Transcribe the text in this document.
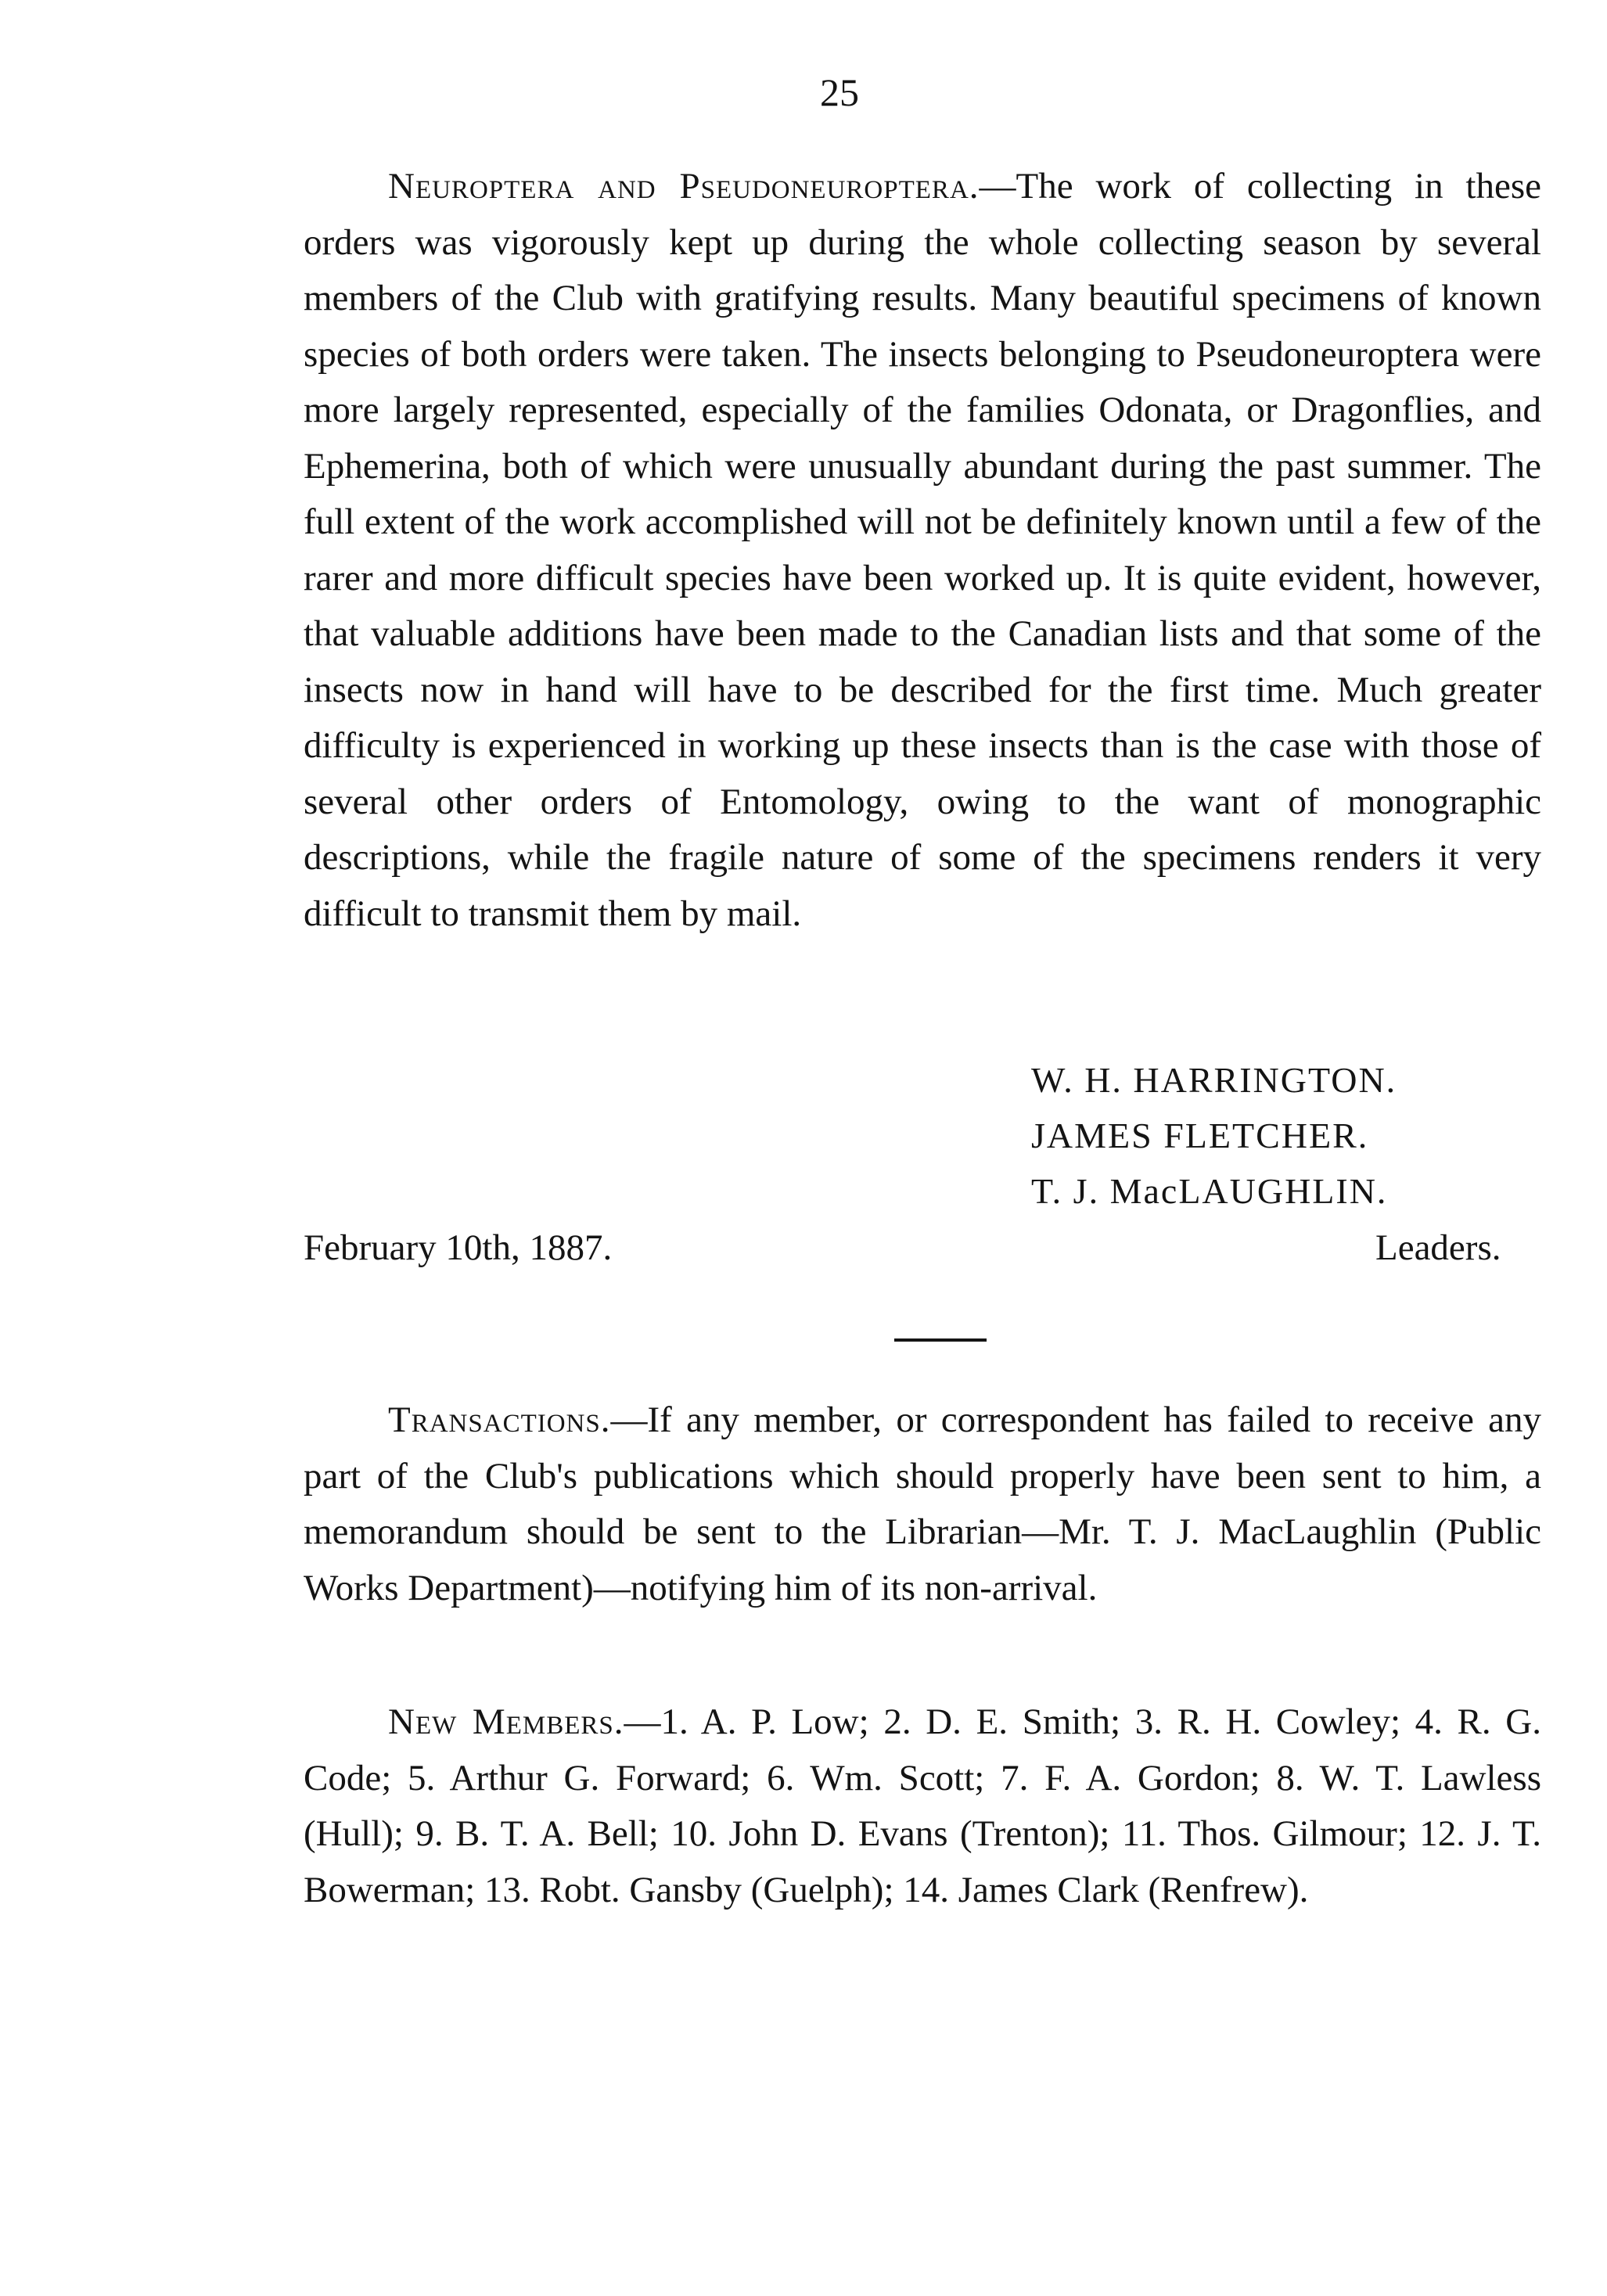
25

Neuroptera and Pseudoneuroptera.—The work of collecting in these orders was vigorously kept up during the whole collecting season by several members of the Club with gratifying results. Many beautiful specimens of known species of both orders were taken. The insects belonging to Pseudoneuroptera were more largely represented, especially of the families Odonata, or Dragonflies, and Ephemerina, both of which were unusually abundant during the past summer. The full extent of the work accomplished will not be definitely known until a few of the rarer and more difficult species have been worked up. It is quite evident, however, that valuable additions have been made to the Canadian lists and that some of the insects now in hand will have to be described for the first time. Much greater difficulty is experienced in working up these insects than is the case with those of several other orders of Entomology, owing to the want of monographic descriptions, while the fragile nature of some of the specimens renders it very difficult to transmit them by mail.

W. H. HARRINGTON.
JAMES FLETCHER.
T. J. MacLAUGHLIN.
February 10th, 1887.	Leaders.

Transactions.—If any member, or correspondent has failed to receive any part of the Club's publications which should properly have been sent to him, a memorandum should be sent to the Librarian—Mr. T. J. MacLaughlin (Public Works Department)—notifying him of its non-arrival.

New Members.—1. A. P. Low; 2. D. E. Smith; 3. R. H. Cowley; 4. R. G. Code; 5. Arthur G. Forward; 6. Wm. Scott; 7. F. A. Gordon; 8. W. T. Lawless (Hull); 9. B. T. A. Bell; 10. John D. Evans (Trenton); 11. Thos. Gilmour; 12. J. T. Bowerman; 13. Robt. Gansby (Guelph); 14. James Clark (Renfrew).
